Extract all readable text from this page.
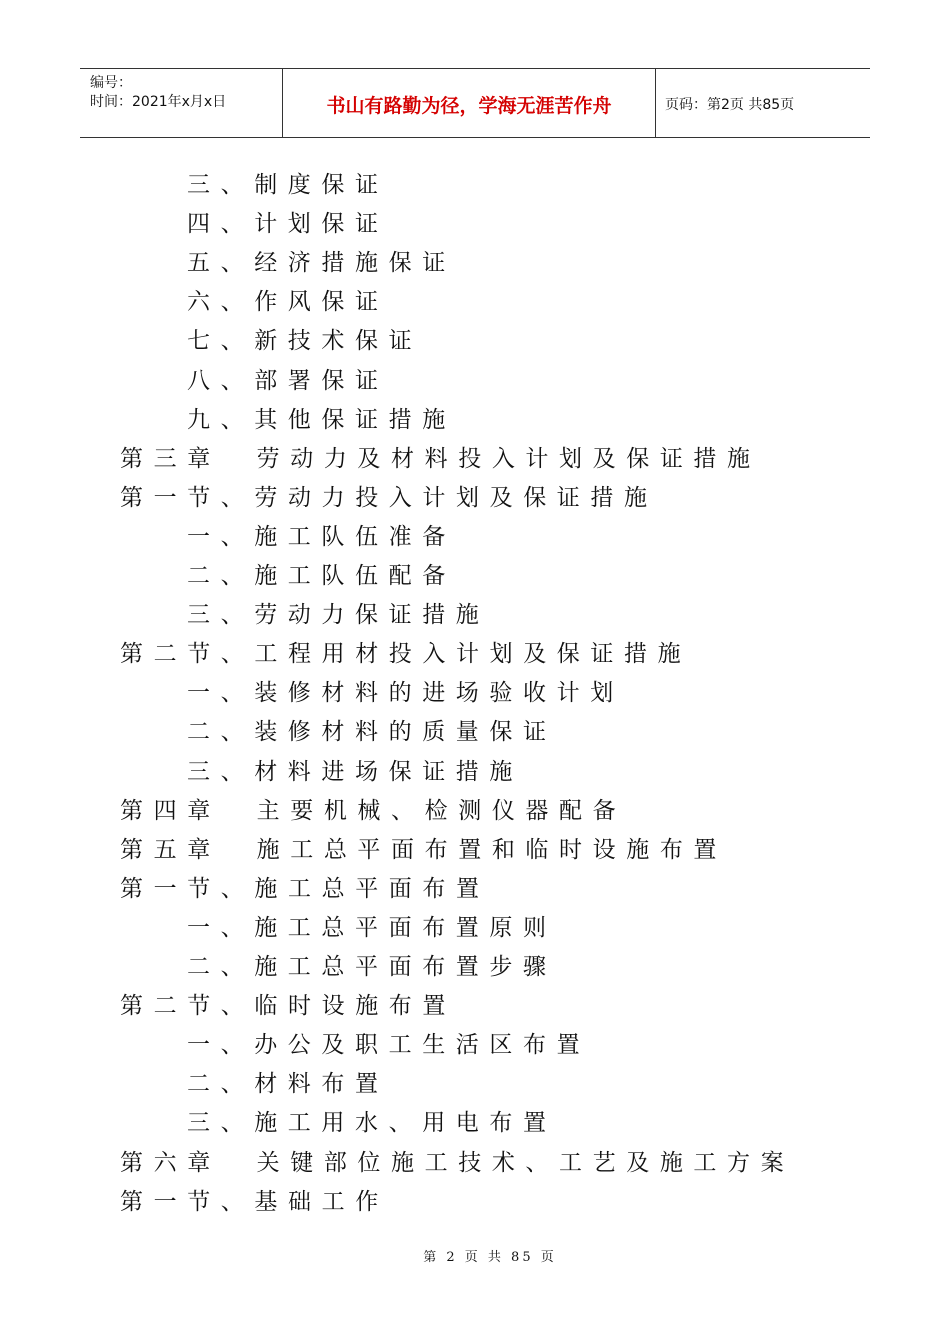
编号：
时间：2021年x月x日	书山有路勤为径，学海无涯苦作舟	页码：第2页 共85页
三、制度保证
四、计划保证
五、经济措施保证
六、作风保证
七、新技术保证
八、部署保证
九、其他保证措施
第三章  劳动力及材料投入计划及保证措施
第一节、劳动力投入计划及保证措施
一、施工队伍准备
二、施工队伍配备
三、劳动力保证措施
第二节、工程用材投入计划及保证措施
一、装修材料的进场验收计划
二、装修材料的质量保证
三、材料进场保证措施
第四章  主要机械、检测仪器配备
第五章  施工总平面布置和临时设施布置
第一节、施工总平面布置
一、施工总平面布置原则
二、施工总平面布置步骤
第二节、临时设施布置
一、办公及职工生活区布置
二、材料布置
三、施工用水、用电布置
第六章  关键部位施工技术、工艺及施工方案
第一节、基础工作
第 2 页 共 85 页
